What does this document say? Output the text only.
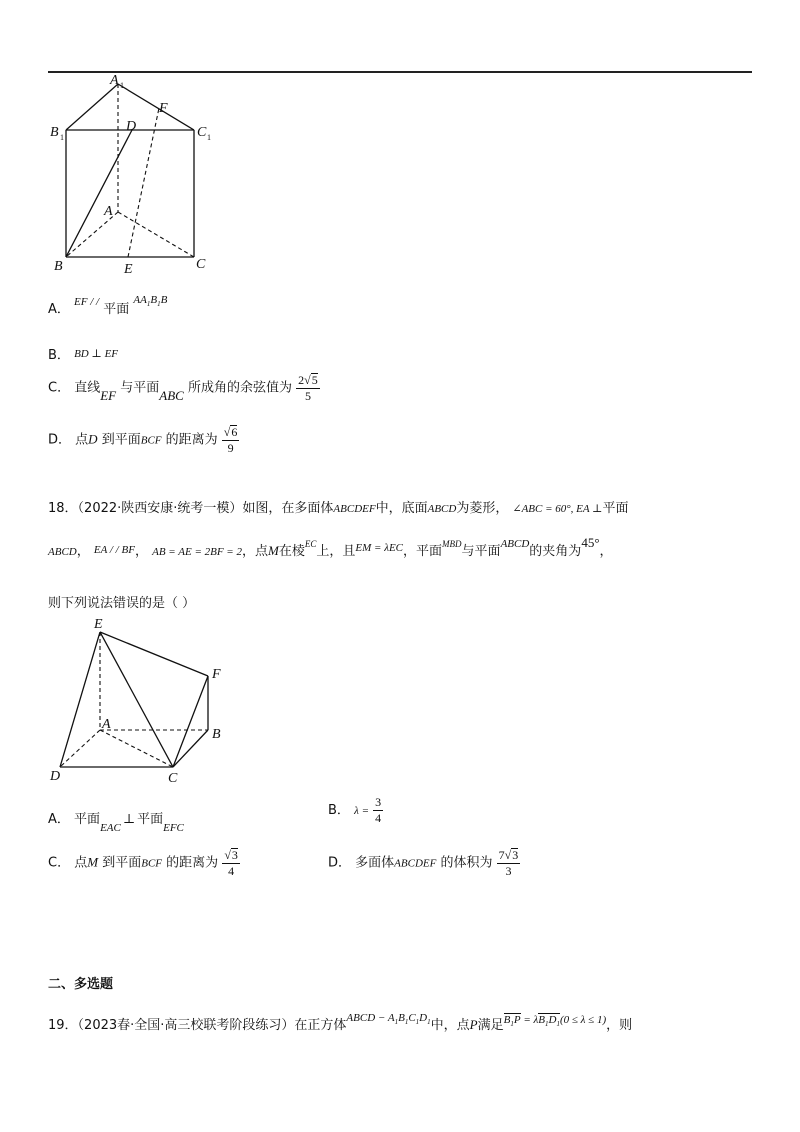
A 1
B 1	C 1
D
F
A
B	C
E
A． $^{EF / /}$ 平面 $^{AA_1B_1B}$
B． BD ⊥ EF
C． 直线EF 与平面ABC 所成角的余弦值为 $\frac{2√5}{5}$
D． 点D 到平面BCF 的距离为 $\frac{√6}{9}$
18．（2022·陕西安康·统考一模）如图，在多面体ABCDEF中，底面ABCD为菱形， ∠ABC = 60°, EA ⊥平面
ABCD， EA / / BF， AB = AE = 2BF = 2，点M在棱$^{EC}$上，且$^{EM = \lambda EC}$，平面$^{MBD}$与平面$^{ABCD}$的夹角为45°，
则下列说法错误的是（ ）
E
F
A
B
C
D
A． 平面$_{EAC}$⊥ 平面$_{EFC}$
B． $\lambda = \frac{3}{4}$
C． 点M 到平面BCF 的距离为 $\frac{√3}{4}$	D． 多面体ABCDEF 的体积为 $\frac{7√3}{3}$
二、多选题
19．（2023春·全国·高三校联考阶段练习）在正方体$^{ABCD - A_1B_1C_1D_1}$中，点P满足$^{B_1P = \lambda B_1D_1(0 \le \lambda \le 1)}$，则
